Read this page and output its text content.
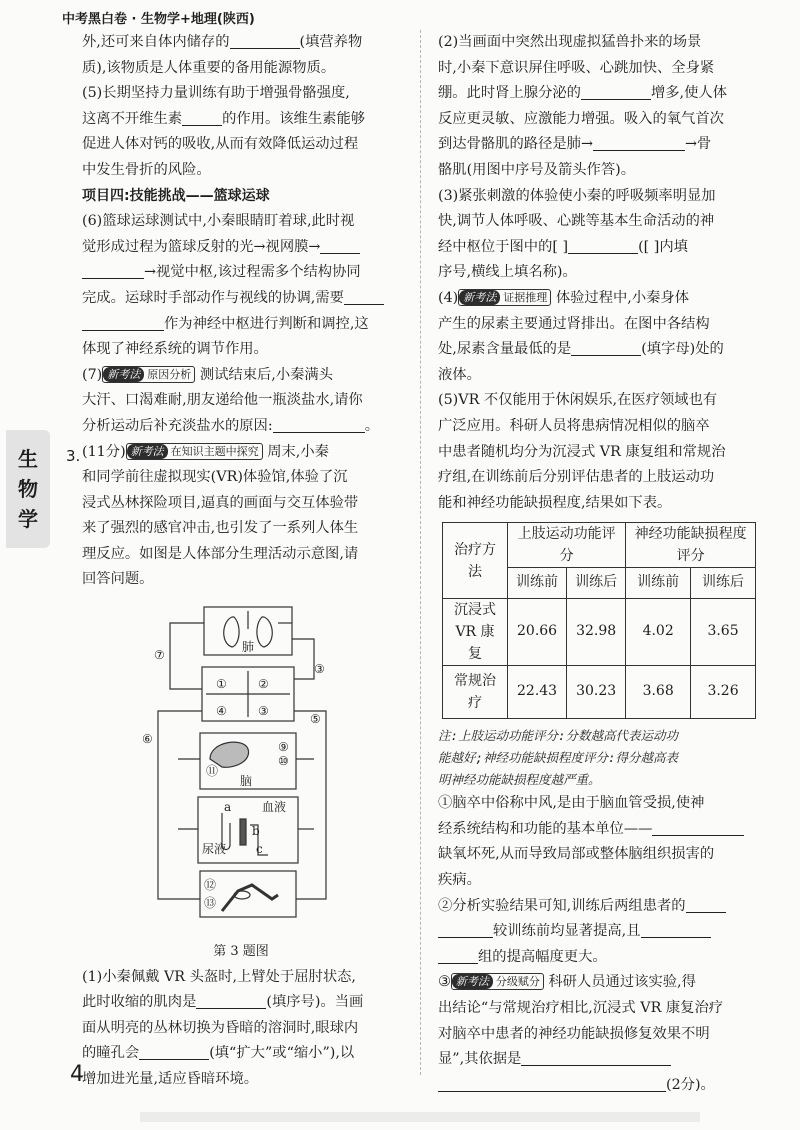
中考黑白卷 · 生物学+地理(陕西)
生
物
学

外,还可来自体内储存的	(填营养物

质),该物质是人体重要的备用能源物质。

(5)长期坚持力量训练有助于增强骨骼强度,

这离不开维生素	的作用。该维生素能够

促进人体对钙的吸收,从而有效降低运动过程

中发生骨折的风险。

项目四:技能挑战——篮球运球

(6)篮球运球测试中,小秦眼睛盯着球,此时视

觉形成过程为篮球反射的光→视网膜→

→视觉中枢,该过程需多个结构协同

完成。运球时手部动作与视线的协调,需要

作为神经中枢进行判断和调控,这

体现了神经系统的调节作用。

(7) 新考法 原因分析 测试结束后,小秦满头

大汗、口渴难耐,朋友递给他一瓶淡盐水,请你

分析运动后补充淡盐水的原因:	。

(11分) 新考法 在知识主题中探究 周末,小秦

和同学前往虚拟现实(VR)体验馆,体验了沉

浸式丛林探险项目,逼真的画面与交互体验带

来了强烈的感官冲击,也引发了一系列人体生

理反应。如图是人体部分生理活动示意图,请

回答问题。

肺
①	②
④	③
③
⑦
⑥
⑤
⑨
⑩
⑪
脑
a	血液
b
尿液 c
⑫
⑬

第 3 题图

(1)小秦佩戴 VR 头盔时,上臂处于屈肘状态,

此时收缩的肌肉是	(填序号)。当画

面从明亮的丛林切换为昏暗的溶洞时,眼球内

的瞳孔会	(填“扩大”或“缩小”),以

增加进光量,适应昏暗环境。

3.

(2)当画面中突然出现虚拟猛兽扑来的场景

时,小秦下意识屏住呼吸、心跳加快、全身紧

绷。此时肾上腺分泌的	增多,使人体

反应更灵敏、应激能力增强。吸入的氧气首次

到达骨骼肌的路径是肺→	→骨

骼肌(用图中序号及箭头作答)。

(3)紧张刺激的体验使小秦的呼吸频率明显加

快,调节人体呼吸、心跳等基本生命活动的神

经中枢位于图中的[ ]	([ ]内填

序号,横线上填名称)。

(4) 新考法 证据推理 体验过程中,小秦身体

产生的尿素主要通过肾排出。在图中各结构

处,尿素含量最低的是	(填字母)处的

液体。

(5)VR 不仅能用于休闲娱乐,在医疗领域也有

广泛应用。科研人员将患病情况相似的脑卒

中患者随机均分为沉浸式 VR 康复组和常规治

疗组,在训练前后分别评估患者的上肢运动功

能和神经功能缺损程度,结果如下表。

治疗方法	上肢运动功能评分		神经功能缺损程度评分	
	训练前	训练后	训练前	训练后
沉浸式VR 康复	20.66	32.98	4.02	3.65
常规治疗	22.43	30.23	3.68	3.26

注:上肢运动功能评分:分数越高代表运动功

能越好;神经功能缺损程度评分:得分越高表

明神经功能缺损程度越严重。

①脑卒中俗称中风,是由于脑血管受损,使神

经系统结构和功能的基本单位——

缺氧坏死,从而导致局部或整体脑组织损害的

疾病。

②分析实验结果可知,训练后两组患者的

较训练前均显著提高,且

组的提高幅度更大。

③ 新考法 分级赋分 科研人员通过该实验,得

出结论“与常规治疗相比,沉浸式 VR 康复治疗

对脑卒中患者的神经功能缺损修复效果不明

显”,其依据是

(2分)。

4
